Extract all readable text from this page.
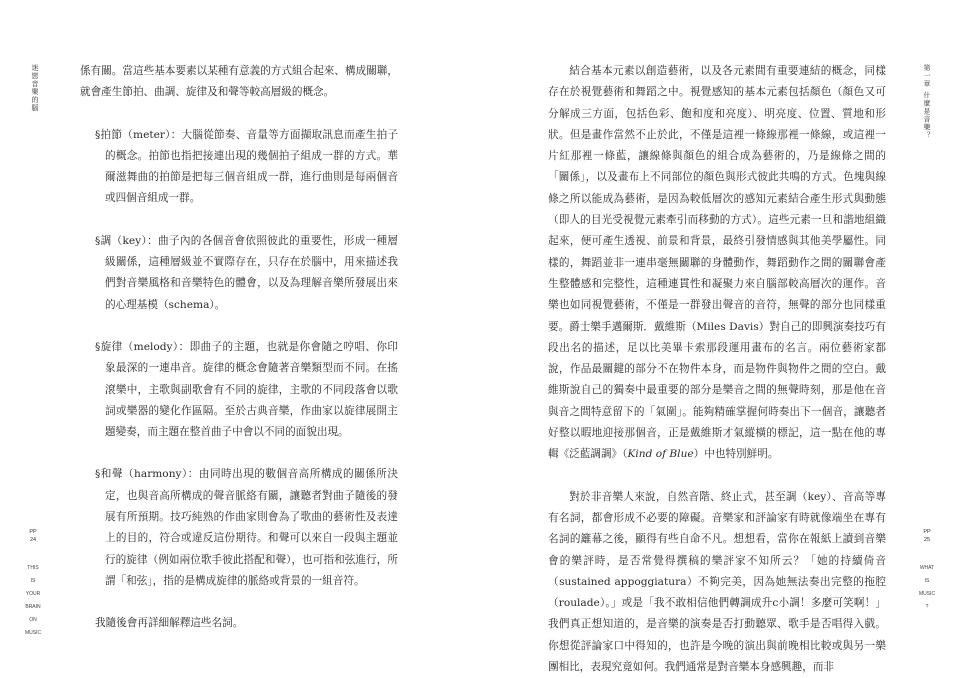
迷戀音樂的腦
PP
24
THIS
IS
YOUR
BRAIN
ON
MUSIC

係有關。當這些基本要素以某種有意義的方式組合起來、構成關聯，就會產生節拍、曲調、旋律及和聲等較高層級的概念。

§拍節（meter）：大腦從節奏、音量等方面擷取訊息而產生拍子的概念。拍節也指把接連出現的幾個拍子組成一群的方式。華爾滋舞曲的拍節是把每三個音組成一群，進行曲則是每兩個音或四個音組成一群。

§調（key）：曲子內的各個音會依照彼此的重要性，形成一種層級關係，這種層級並不實際存在，只存在於腦中，用來描述我們對音樂風格和音樂特色的體會，以及為理解音樂所發展出來的心理基模（schema）。

§旋律（melody）：即曲子的主題，也就是你會隨之哼唱、你印象最深的一連串音。旋律的概念會隨著音樂類型而不同。在搖滾樂中，主歌與副歌會有不同的旋律，主歌的不同段落會以歌詞或樂器的變化作區隔。至於古典音樂，作曲家以旋律展開主題變奏，而主題在整首曲子中會以不同的面貌出現。

§和聲（harmony）：由同時出現的數個音高所構成的關係所決定，也與音高所構成的聲音脈絡有關，讓聽者對曲子隨後的發展有所預期。技巧純熟的作曲家則會為了歌曲的藝術性及表達上的目的，符合或違反這份期待。和聲可以來自一段與主題並行的旋律（例如兩位歌手彼此搭配和聲），也可指和弦進行，所謂「和弦」，指的是構成旋律的脈絡或背景的一組音符。

我隨後會再詳細解釋這些名詞。

第一章 什麼是音樂？
PP
25
WHAT
IS
MUSIC
?

結合基本元素以創造藝術，以及各元素間有重要連結的概念，同樣存在於視覺藝術和舞蹈之中。視覺感知的基本元素包括顏色（顏色又可分解成三方面，包括色彩、飽和度和亮度）、明亮度、位置、質地和形狀。但是畫作當然不止於此，不僅是這裡一條線那裡一條線，或這裡一片紅那裡一條藍，讓線條與顏色的組合成為藝術的，乃是線條之間的「關係」，以及畫布上不同部位的顏色與形式彼此共鳴的方式。色塊與線條之所以能成為藝術，是因為較低層次的感知元素結合產生形式與動態（即人的目光受視覺元素牽引而移動的方式）。這些元素一旦和諧地組織起來，便可產生透視、前景和背景，最終引發情感與其他美學屬性。同樣的，舞蹈並非一連串毫無關聯的身體動作，舞蹈動作之間的關聯會產生整體感和完整性，這種連貫性和凝聚力來自腦部較高層次的運作。音樂也如同視覺藝術，不僅是一群發出聲音的音符，無聲的部分也同樣重要。爵士樂手邁爾斯．戴維斯（Miles Davis）對自己的即興演奏技巧有段出名的描述，足以比美畢卡索那段運用畫布的名言。兩位藝術家都說，作品最關鍵的部分不在物件本身，而是物件與物件之間的空白。戴維斯說自己的獨奏中最重要的部分是樂音之間的無聲時刻，那是他在音與音之間特意留下的「氣圍」。能夠精確掌握何時奏出下一個音，讓聽者好整以暇地迎接那個音，正是戴維斯才氣縱橫的標記，這一點在他的專輯《泛藍調調》（Kind of Blue）中也特別鮮明。

對於非音樂人來說，自然音階、終止式，甚至調（key）、音高等專有名詞，都會形成不必要的障礙。音樂家和評論家有時就像端坐在專有名詞的籬幕之後，顯得有些自命不凡。想想看，當你在報紙上讀到音樂會的樂評時，是否常覺得撰稿的樂評家不知所云？「她的持續倚音（sustained appoggiatura）不夠完美，因為她無法奏出完整的拖腔（roulade）。」或是「我不敢相信他們轉調成升c小調！多麼可笑啊！」我們真正想知道的，是音樂的演奏是否打動聽眾、歌手是否唱得入戲。你想從評論家口中得知的，也許是今晚的演出與前晚相比較或與另一樂團相比，表現究竟如何。我們通常是對音樂本身感興趣，而非
